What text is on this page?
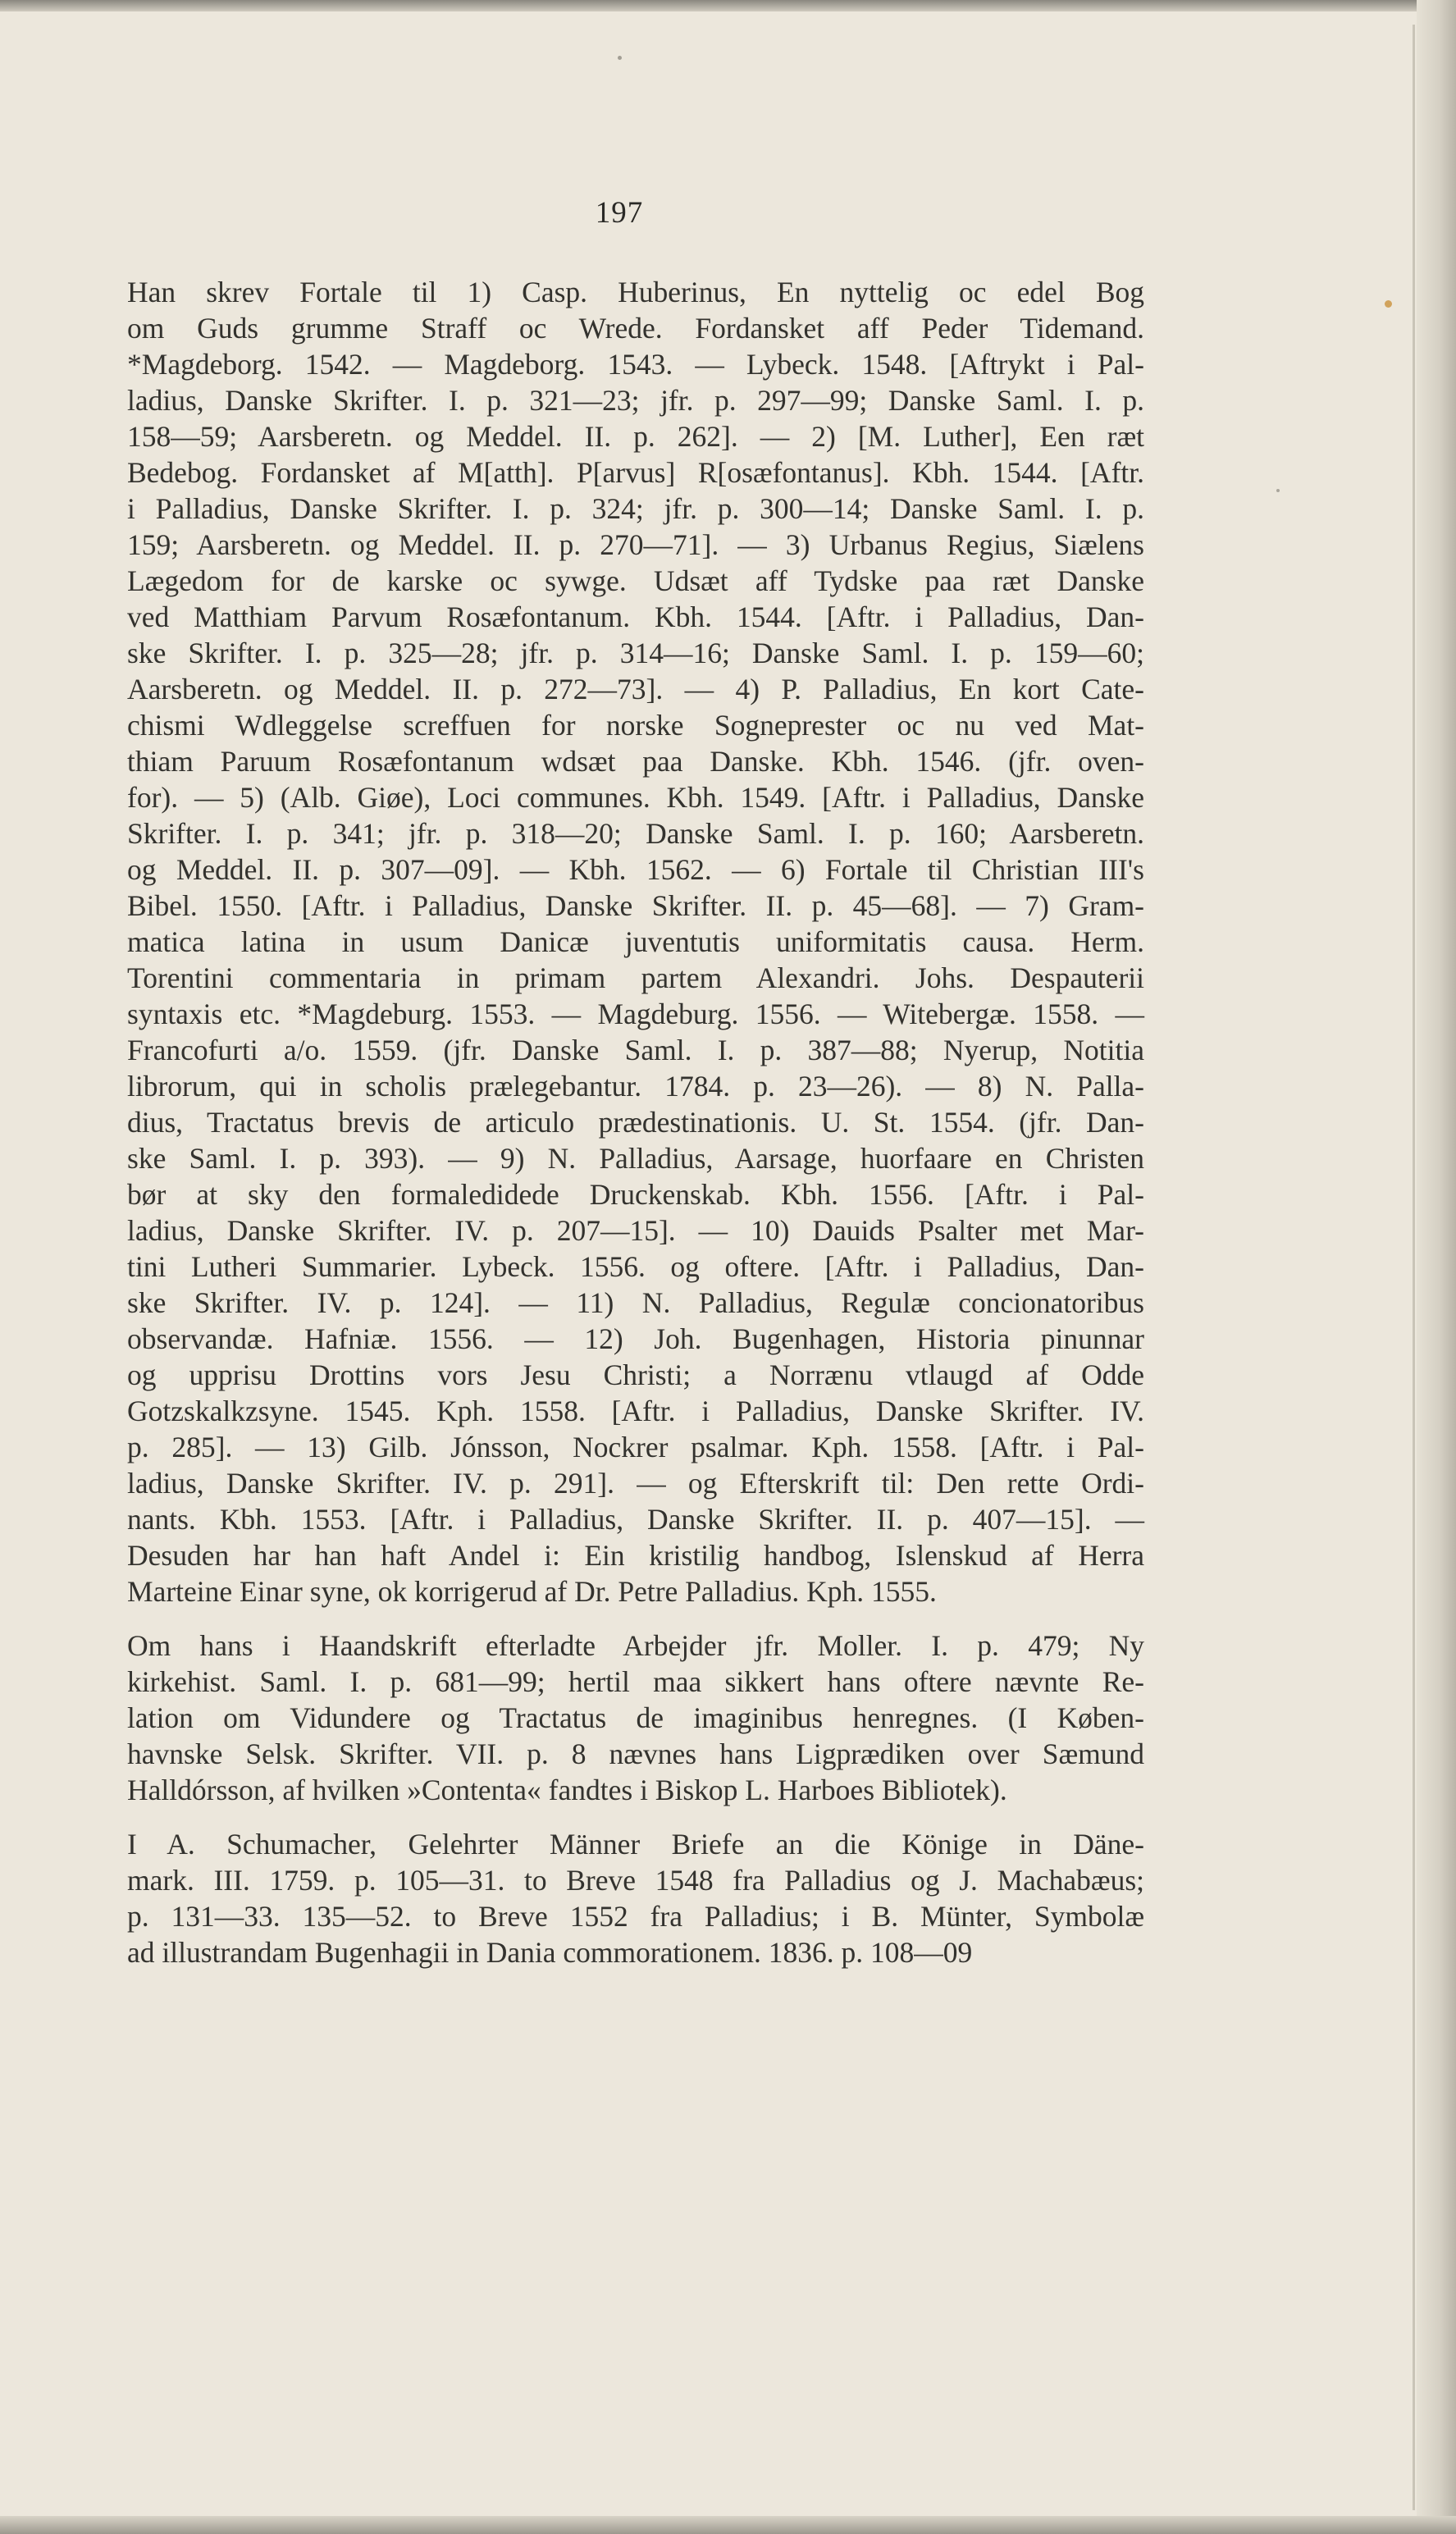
197
Han skrev Fortale til 1) Casp. Huberinus, En nyttelig oc edel Bog
om Guds grumme Straff oc Wrede. Fordansket aff Peder Tidemand.
*Magdeborg. 1542. — Magdeborg. 1543. — Lybeck. 1548. [Aftrykt i Pal-
ladius, Danske Skrifter. I. p. 321—23; jfr. p. 297—99; Danske Saml. I. p.
158—59; Aarsberetn. og Meddel. II. p. 262]. — 2) [M. Luther], Een ræt
Bedebog. Fordansket af M[atth]. P[arvus] R[osæfontanus]. Kbh. 1544. [Aftr.
i Palladius, Danske Skrifter. I. p. 324; jfr. p. 300—14; Danske Saml. I. p.
159; Aarsberetn. og Meddel. II. p. 270—71]. — 3) Urbanus Regius, Siælens
Lægedom for de karske oc sywge. Udsæt aff Tydske paa ræt Danske
ved Matthiam Parvum Rosæfontanum. Kbh. 1544. [Aftr. i Palladius, Dan-
ske Skrifter. I. p. 325—28; jfr. p. 314—16; Danske Saml. I. p. 159—60;
Aarsberetn. og Meddel. II. p. 272—73]. — 4) P. Palladius, En kort Cate-
chismi Wdleggelse screffuen for norske Sogneprester oc nu ved Mat-
thiam Paruum Rosæfontanum wdsæt paa Danske. Kbh. 1546. (jfr. oven-
for). — 5) (Alb. Giøe), Loci communes. Kbh. 1549. [Aftr. i Palladius, Danske
Skrifter. I. p. 341; jfr. p. 318—20; Danske Saml. I. p. 160; Aarsberetn.
og Meddel. II. p. 307—09]. — Kbh. 1562. — 6) Fortale til Christian III's
Bibel. 1550. [Aftr. i Palladius, Danske Skrifter. II. p. 45—68]. — 7) Gram-
matica latina in usum Danicæ juventutis uniformitatis causa. Herm.
Torentini commentaria in primam partem Alexandri. Johs. Despauterii
syntaxis etc. *Magdeburg. 1553. — Magdeburg. 1556. — Witebergæ. 1558. —
Francofurti a/o. 1559. (jfr. Danske Saml. I. p. 387—88; Nyerup, Notitia
librorum, qui in scholis prælegebantur. 1784. p. 23—26). — 8) N. Palla-
dius, Tractatus brevis de articulo prædestinationis. U. St. 1554. (jfr. Dan-
ske Saml. I. p. 393). — 9) N. Palladius, Aarsage, huorfaare en Christen
bør at sky den formaledidede Druckenskab. Kbh. 1556. [Aftr. i Pal-
ladius, Danske Skrifter. IV. p. 207—15]. — 10) Dauids Psalter met Mar-
tini Lutheri Summarier. Lybeck. 1556. og oftere. [Aftr. i Palladius, Dan-
ske Skrifter. IV. p. 124]. — 11) N. Palladius, Regulæ concionatoribus
observandæ. Hafniæ. 1556. — 12) Joh. Bugenhagen, Historia pinunnar
og upprisu Drottins vors Jesu Christi; a Norrænu vtlaugd af Odde
Gotzskalkzsyne. 1545. Kph. 1558. [Aftr. i Palladius, Danske Skrifter. IV.
p. 285]. — 13) Gilb. Jónsson, Nockrer psalmar. Kph. 1558. [Aftr. i Pal-
ladius, Danske Skrifter. IV. p. 291]. — og Efterskrift til: Den rette Ordi-
nants. Kbh. 1553. [Aftr. i Palladius, Danske Skrifter. II. p. 407—15]. —
Desuden har han haft Andel i: Ein kristilig handbog, Islenskud af Herra
Marteine Einar syne, ok korrigerud af Dr. Petre Palladius. Kph. 1555.
Om hans i Haandskrift efterladte Arbejder jfr. Moller. I. p. 479; Ny
kirkehist. Saml. I. p. 681—99; hertil maa sikkert hans oftere nævnte Re-
lation om Vidundere og Tractatus de imaginibus henregnes. (I Køben-
havnske Selsk. Skrifter. VII. p. 8 nævnes hans Ligprædiken over Sæmund
Halldórsson, af hvilken »Contenta« fandtes i Biskop L. Harboes Bibliotek).
I A. Schumacher, Gelehrter Männer Briefe an die Könige in Däne-
mark. III. 1759. p. 105—31. to Breve 1548 fra Palladius og J. Machabæus;
p. 131—33. 135—52. to Breve 1552 fra Palladius; i B. Münter, Symbolæ
ad illustrandam Bugenhagii in Dania commorationem. 1836. p. 108—09
